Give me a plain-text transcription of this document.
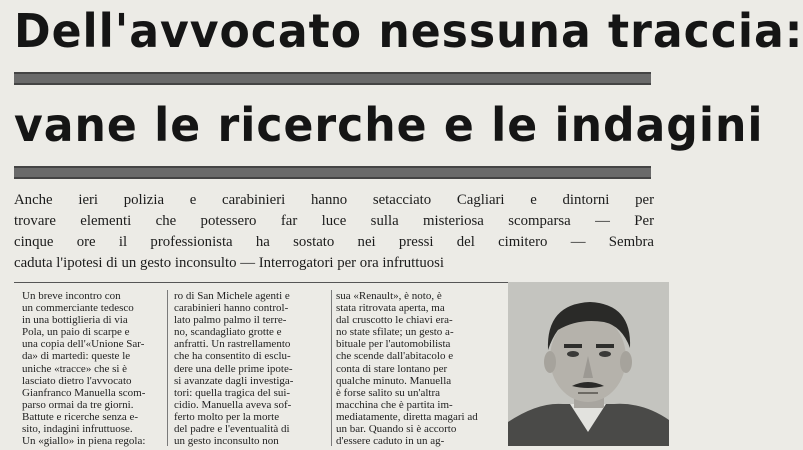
Dell'avvocato nessuna traccia:
vane le ricerche e le indagini
Anche ieri polizia e carabinieri hanno setacciato Cagliari e dintorni per
trovare elementi che potessero far luce sulla misteriosa scomparsa — Per
cinque ore il professionista ha sostato nei pressi del cimitero — Sembra
caduta l'ipotesi di un gesto inconsulto — Interrogatori per ora infruttuosi
Un breve incontro con
un commerciante tedesco
in una bottiglieria di via
Pola, un paio di scarpe e
una copia dell'«Unione Sar-
da» di martedì: queste le
uniche «tracce» che si è
lasciato dietro l'avvocato
Gianfranco Manuella scom-
parso ormai da tre giorni.
Battute e ricerche senza e-
sito, indagini infruttuose.
Un «giallo» in piena regola:
ro di San Michele agenti e
carabinieri hanno control-
lato palmo palmo il terre-
no, scandagliato grotte e
anfratti. Un rastrellamento
che ha consentito di esclu-
dere una delle prime ipote-
si avanzate dagli investiga-
tori: quella tragica del sui-
cidio. Manuella aveva sof-
ferto molto per la morte
del padre e l'eventualità di
un gesto inconsulto non
sua «Renault», è noto, è
stata ritrovata aperta, ma
dal cruscotto le chiavi era-
no state sfilate; un gesto a-
bituale per l'automobilista
che scende dall'abitacolo e
conta di stare lontano per
qualche minuto. Manuella
è forse salito su un'altra
macchina che è partita im-
mediatamente, diretta magari ad
un bar. Quando si è accorto
d'essere caduto in un ag-
